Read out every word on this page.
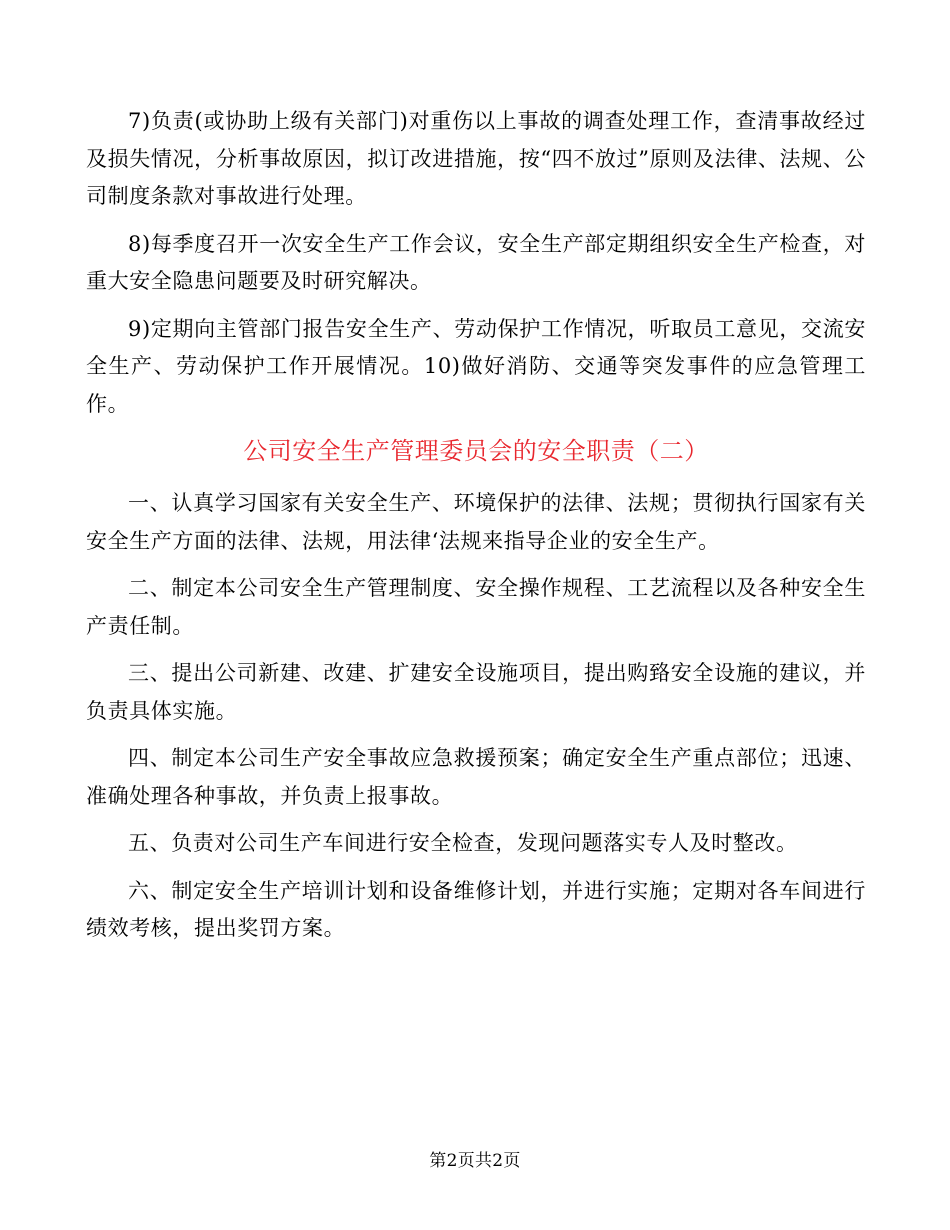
7)负责(或协助上级有关部门)对重伤以上事故的调查处理工作，查清事故经过及损失情况，分析事故原因，拟订改进措施，按“四不放过”原则及法律、法规、公司制度条款对事故进行处理。

8)每季度召开一次安全生产工作会议，安全生产部定期组织安全生产检查，对重大安全隐患问题要及时研究解决。

9)定期向主管部门报告安全生产、劳动保护工作情况，听取员工意见，交流安全生产、劳动保护工作开展情况。10)做好消防、交通等突发事件的应急管理工作。

公司安全生产管理委员会的安全职责（二）

一、认真学习国家有关安全生产、环境保护的法律、法规；贯彻执行国家有关安全生产方面的法律、法规，用法律‘法规来指导企业的安全生产。

二、制定本公司安全生产管理制度、安全操作规程、工艺流程以及各种安全生产责任制。

三、提出公司新建、改建、扩建安全设施项目，提出购臵安全设施的建议，并负责具体实施。

四、制定本公司生产安全事故应急救援预案；确定安全生产重点部位；迅速、准确处理各种事故，并负责上报事故。

五、负责对公司生产车间进行安全检查，发现问题落实专人及时整改。

六、制定安全生产培训计划和设备维修计划，并进行实施；定期对各车间进行绩效考核，提出奖罚方案。

第2页共2页
